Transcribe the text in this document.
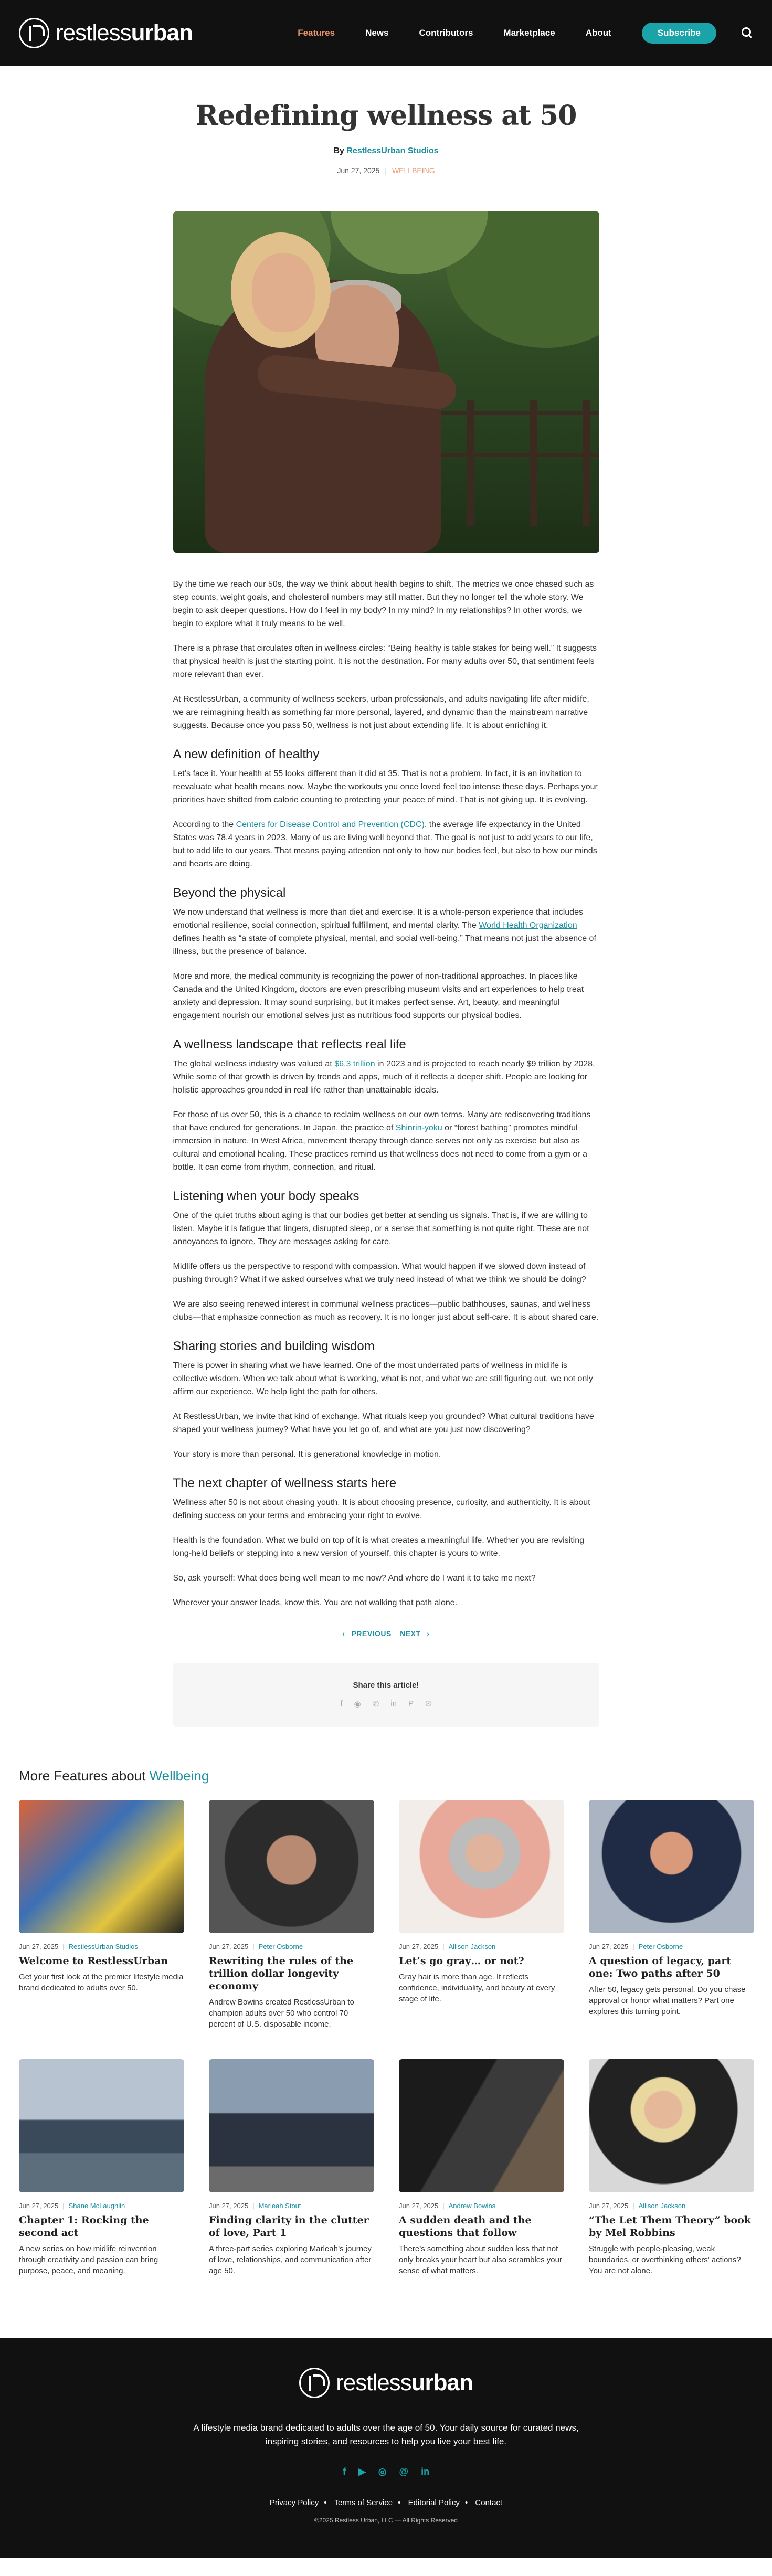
restlessurban	Features	News	Contributors	Marketplace	About	Subscribe
Redefining wellness at 50
By RestlessUrban Studios
Jun 27, 2025 | WELLBEING

By the time we reach our 50s, the way we think about health begins to shift. The metrics we once chased such as step counts, weight goals, and cholesterol numbers may still matter. But they no longer tell the whole story. We begin to ask deeper questions. How do I feel in my body? In my mind? In my relationships? In other words, we begin to explore what it truly means to be well.

There is a phrase that circulates often in wellness circles: “Being healthy is table stakes for being well.” It suggests that physical health is just the starting point. It is not the destination. For many adults over 50, that sentiment feels more relevant than ever.

At RestlessUrban, a community of wellness seekers, urban professionals, and adults navigating life after midlife, we are reimagining health as something far more personal, layered, and dynamic than the mainstream narrative suggests. Because once you pass 50, wellness is not just about extending life. It is about enriching it.

A new definition of healthy

Let’s face it. Your health at 55 looks different than it did at 35. That is not a problem. In fact, it is an invitation to reevaluate what health means now. Maybe the workouts you once loved feel too intense these days. Perhaps your priorities have shifted from calorie counting to protecting your peace of mind. That is not giving up. It is evolving.

According to the Centers for Disease Control and Prevention (CDC), the average life expectancy in the United States was 78.4 years in 2023. Many of us are living well beyond that. The goal is not just to add years to our life, but to add life to our years. That means paying attention not only to how our bodies feel, but also to how our minds and hearts are doing.

Beyond the physical

We now understand that wellness is more than diet and exercise. It is a whole-person experience that includes emotional resilience, social connection, spiritual fulfillment, and mental clarity. The World Health Organization defines health as “a state of complete physical, mental, and social well-being.” That means not just the absence of illness, but the presence of balance.

More and more, the medical community is recognizing the power of non-traditional approaches. In places like Canada and the United Kingdom, doctors are even prescribing museum visits and art experiences to help treat anxiety and depression. It may sound surprising, but it makes perfect sense. Art, beauty, and meaningful engagement nourish our emotional selves just as nutritious food supports our physical bodies.

A wellness landscape that reflects real life

The global wellness industry was valued at $6.3 trillion in 2023 and is projected to reach nearly $9 trillion by 2028. While some of that growth is driven by trends and apps, much of it reflects a deeper shift. People are looking for holistic approaches grounded in real life rather than unattainable ideals.

For those of us over 50, this is a chance to reclaim wellness on our own terms. Many are rediscovering traditions that have endured for generations. In Japan, the practice of Shinrin-yoku or “forest bathing” promotes mindful immersion in nature. In West Africa, movement therapy through dance serves not only as exercise but also as cultural and emotional healing. These practices remind us that wellness does not need to come from a gym or a bottle. It can come from rhythm, connection, and ritual.

Listening when your body speaks

One of the quiet truths about aging is that our bodies get better at sending us signals. That is, if we are willing to listen. Maybe it is fatigue that lingers, disrupted sleep, or a sense that something is not quite right. These are not annoyances to ignore. They are messages asking for care.

Midlife offers us the perspective to respond with compassion. What would happen if we slowed down instead of pushing through? What if we asked ourselves what we truly need instead of what we think we should be doing?

We are also seeing renewed interest in communal wellness practices—public bathhouses, saunas, and wellness clubs—that emphasize connection as much as recovery. It is no longer just about self-care. It is about shared care.

Sharing stories and building wisdom

There is power in sharing what we have learned. One of the most underrated parts of wellness in midlife is collective wisdom. When we talk about what is working, what is not, and what we are still figuring out, we not only affirm our experience. We help light the path for others.

At RestlessUrban, we invite that kind of exchange. What rituals keep you grounded? What cultural traditions have shaped your wellness journey? What have you let go of, and what are you just now discovering?

Your story is more than personal. It is generational knowledge in motion.

The next chapter of wellness starts here

Wellness after 50 is not about chasing youth. It is about choosing presence, curiosity, and authenticity. It is about defining success on your terms and embracing your right to evolve.

Health is the foundation. What we build on top of it is what creates a meaningful life. Whether you are revisiting long-held beliefs or stepping into a new version of yourself, this chapter is yours to write.

So, ask yourself: What does being well mean to me now? And where do I want it to take me next?

Wherever your answer leads, know this. You are not walking that path alone.

‹ PREVIOUS NEXT ›
Share this article!
f ◉ ✆ in P ✉
More Features about Wellbeing
Jun 27, 2025 | RestlessUrban Studios
Welcome to RestlessUrban
Get your first look at the premier lifestyle media brand dedicated to adults over 50.
Jun 27, 2025 | Peter Osborne
Rewriting the rules of the trillion dollar longevity economy
Andrew Bowins created RestlessUrban to champion adults over 50 who control 70 percent of U.S. disposable income.
Jun 27, 2025 | Allison Jackson
Let’s go gray… or not?
Gray hair is more than age. It reflects confidence, individuality, and beauty at every stage of life.
Jun 27, 2025 | Peter Osborne
A question of legacy, part one: Two paths after 50
After 50, legacy gets personal. Do you chase approval or honor what matters? Part one explores this turning point.
Jun 27, 2025 | Shane McLaughlin
Chapter 1: Rocking the second act
A new series on how midlife reinvention through creativity and passion can bring purpose, peace, and meaning.
Jun 27, 2025 | Marleah Stout
Finding clarity in the clutter of love, Part 1
A three-part series exploring Marleah’s journey of love, relationships, and communication after age 50.
Jun 27, 2025 | Andrew Bowins
A sudden death and the questions that follow
There’s something about sudden loss that not only breaks your heart but also scrambles your sense of what matters.
Jun 27, 2025 | Allison Jackson
“The Let Them Theory” book by Mel Robbins
Struggle with people-pleasing, weak boundaries, or overthinking others’ actions? You are not alone.
restlessurban

A lifestyle media brand dedicated to adults over the age of 50. Your daily source for curated news, inspiring stories, and resources to help you live your best life.

f ▶ ◎ @ in
Privacy Policy • Terms of Service • Editorial Policy • Contact
©2025 Restless Urban, LLC — All Rights Reserved
